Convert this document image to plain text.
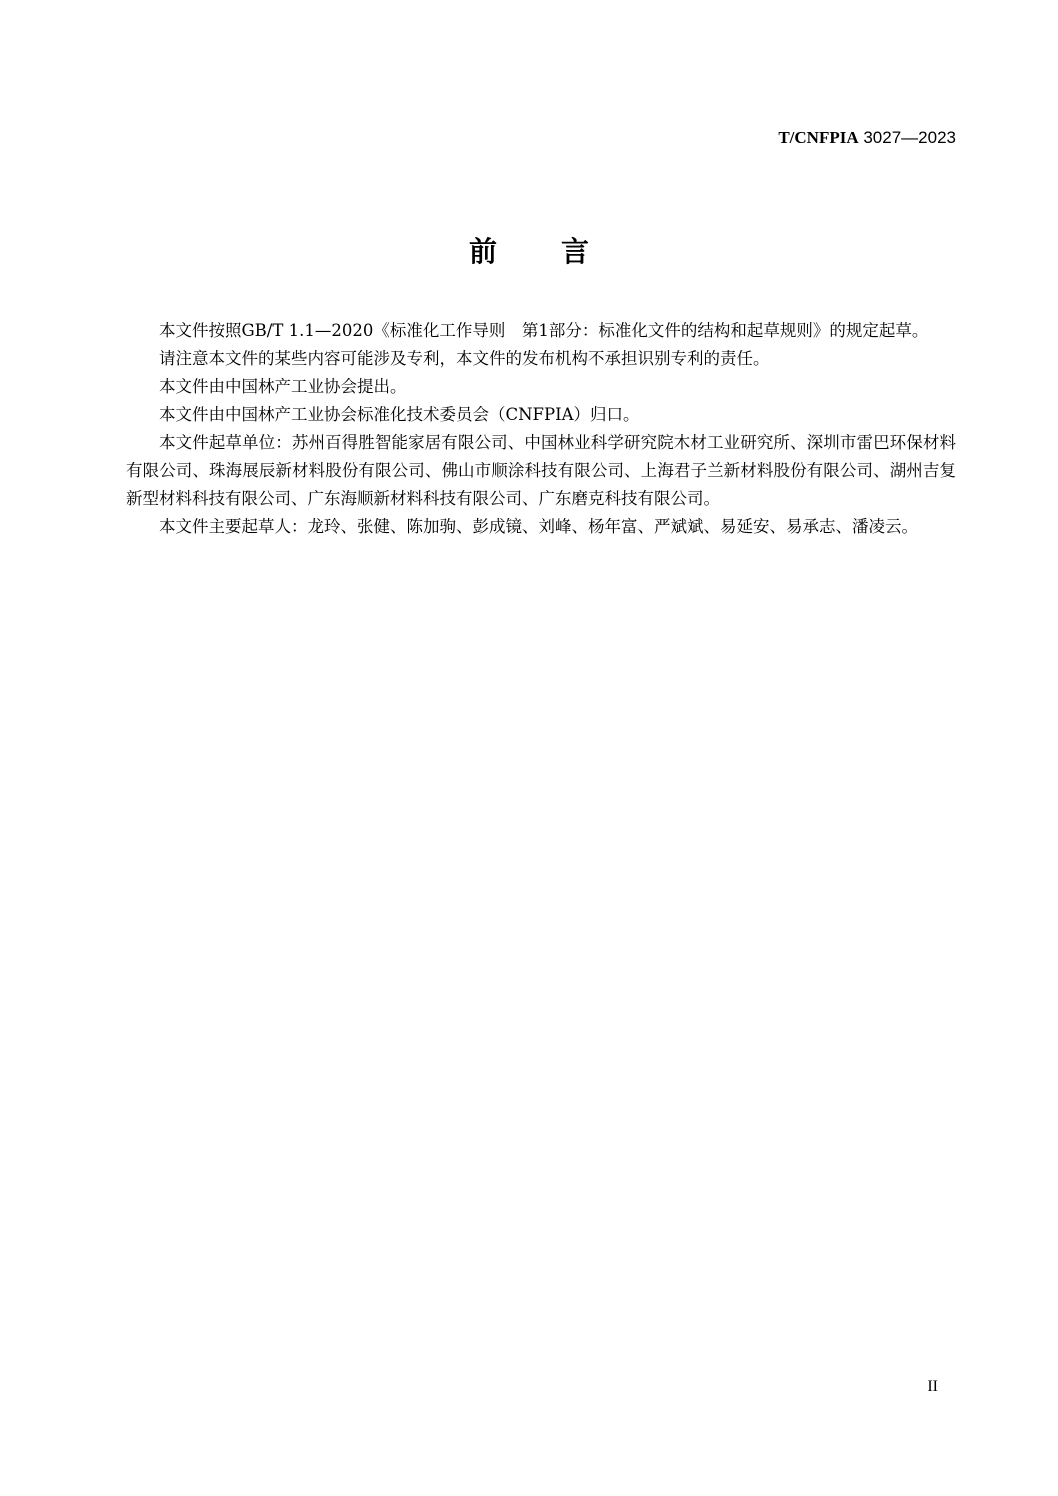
T/CNFPIA 3027—2023
前言

本文件按照GB/T 1.1—2020《标准化工作导则　第1部分：标准化文件的结构和起草规则》的规定起草。

请注意本文件的某些内容可能涉及专利，本文件的发布机构不承担识别专利的责任。

本文件由中国林产工业协会提出。

本文件由中国林产工业协会标准化技术委员会（CNFPIA）归口。

本文件起草单位：苏州百得胜智能家居有限公司、中国林业科学研究院木材工业研究所、深圳市雷巴环保材料有限公司、珠海展辰新材料股份有限公司、佛山市顺涂科技有限公司、上海君子兰新材料股份有限公司、湖州吉复新型材料科技有限公司、广东海顺新材料科技有限公司、广东磨克科技有限公司。

本文件主要起草人：龙玲、张健、陈加驹、彭成镜、刘峰、杨年富、严斌斌、易延安、易承志、潘凌云。

II
